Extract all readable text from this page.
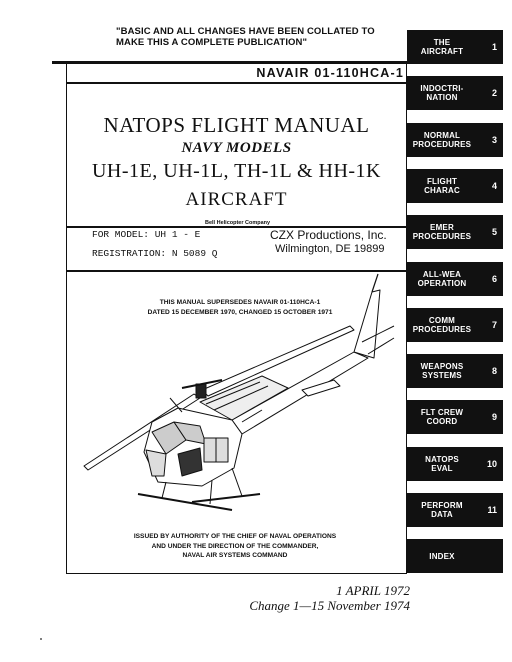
"BASIC AND ALL CHANGES HAVE BEEN COLLATED TO
MAKE THIS A COMPLETE PUBLICATION"
NAVAIR 01-110HCA-1
NATOPS FLIGHT MANUAL
NAVY MODELS
UH-1E, UH-1L, TH-1L & HH-1K
AIRCRAFT
Bell Helicopter Company
FOR MODEL: UH 1 - E
REGISTRATION: N 5089 Q
CZX Productions, Inc.
Wilmington, DE 19899
THIS MANUAL SUPERSEDES NAVAIR 01-110HCA-1
DATED 15 DECEMBER 1970, CHANGED 15 OCTOBER 1971
ISSUED BY AUTHORITY OF THE CHIEF OF NAVAL OPERATIONS
AND UNDER THE DIRECTION OF THE COMMANDER,
NAVAL AIR SYSTEMS COMMAND
1 APRIL 1972
Change 1—15 November 1974
THE
AIRCRAFT	1
INDOCTRI-
NATION	2
NORMAL
PROCEDURES	3
FLIGHT
CHARAC	4
EMER
PROCEDURES	5
ALL-WEA
OPERATION	6
COMM
PROCEDURES	7
WEAPONS
SYSTEMS	8
FLT CREW
COORD	9
NATOPS
EVAL	10
PERFORM
DATA	11
INDEX
